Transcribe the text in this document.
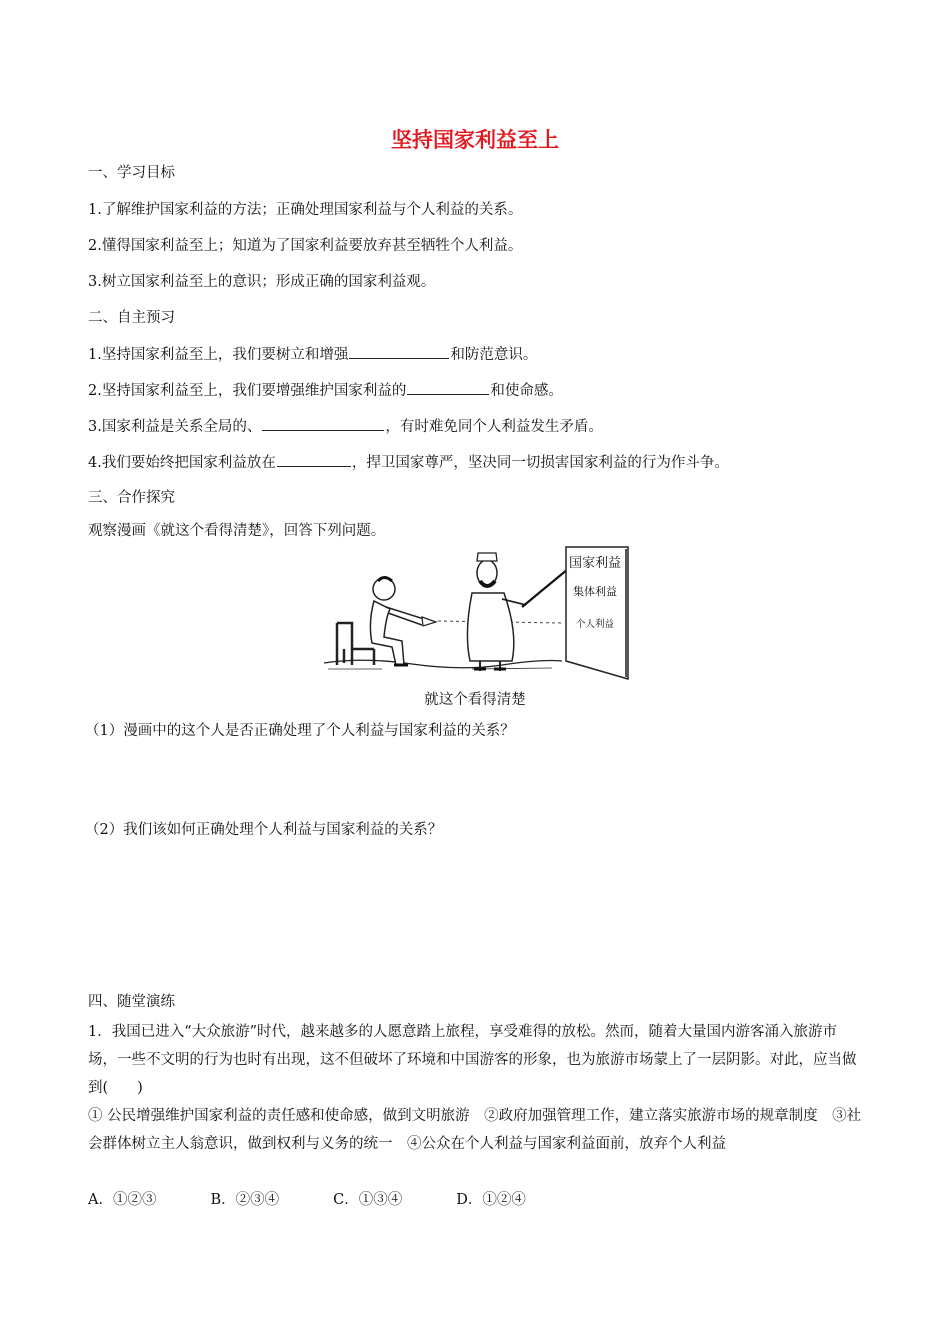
坚持国家利益至上
一、学习目标
1.了解维护国家利益的方法；正确处理国家利益与个人利益的关系。
2.懂得国家利益至上；知道为了国家利益要放弃甚至牺牲个人利益。
3.树立国家利益至上的意识；形成正确的国家利益观。
二、自主预习
1.坚持国家利益至上，我们要树立和增强	和防范意识。
2.坚持国家利益至上，我们要增强维护国家利益的	和使命感。
3.国家利益是关系全局的、	，有时难免同个人利益发生矛盾。
4.我们要始终把国家利益放在	，捍卫国家尊严，坚决同一切损害国家利益的行为作斗争。
三、合作探究
观察漫画《就这个看得清楚》，回答下列问题。
国家利益
集体利益
个人利益
就这个看得清楚
（1）漫画中的这个人是否正确处理了个人利益与国家利益的关系？
（2）我们该如何正确处理个人利益与国家利益的关系？
四、随堂演练
1．我国已进入“大众旅游”时代，越来越多的人愿意踏上旅程，享受难得的放松。然而，随着大量国内游客涌入旅游市场，一些不文明的行为也时有出现，这不但破坏了环境和中国游客的形象，也为旅游市场蒙上了一层阴影。对此，应当做到(　　)
① 公民增强维护国家利益的责任感和使命感，做到文明旅游　②政府加强管理工作，建立落实旅游市场的规章制度　③社会群体树立主人翁意识，做到权利与义务的统一　④公众在个人利益与国家利益面前，放弃个人利益
A．①②③	B．②③④	C．①③④	D．①②④
